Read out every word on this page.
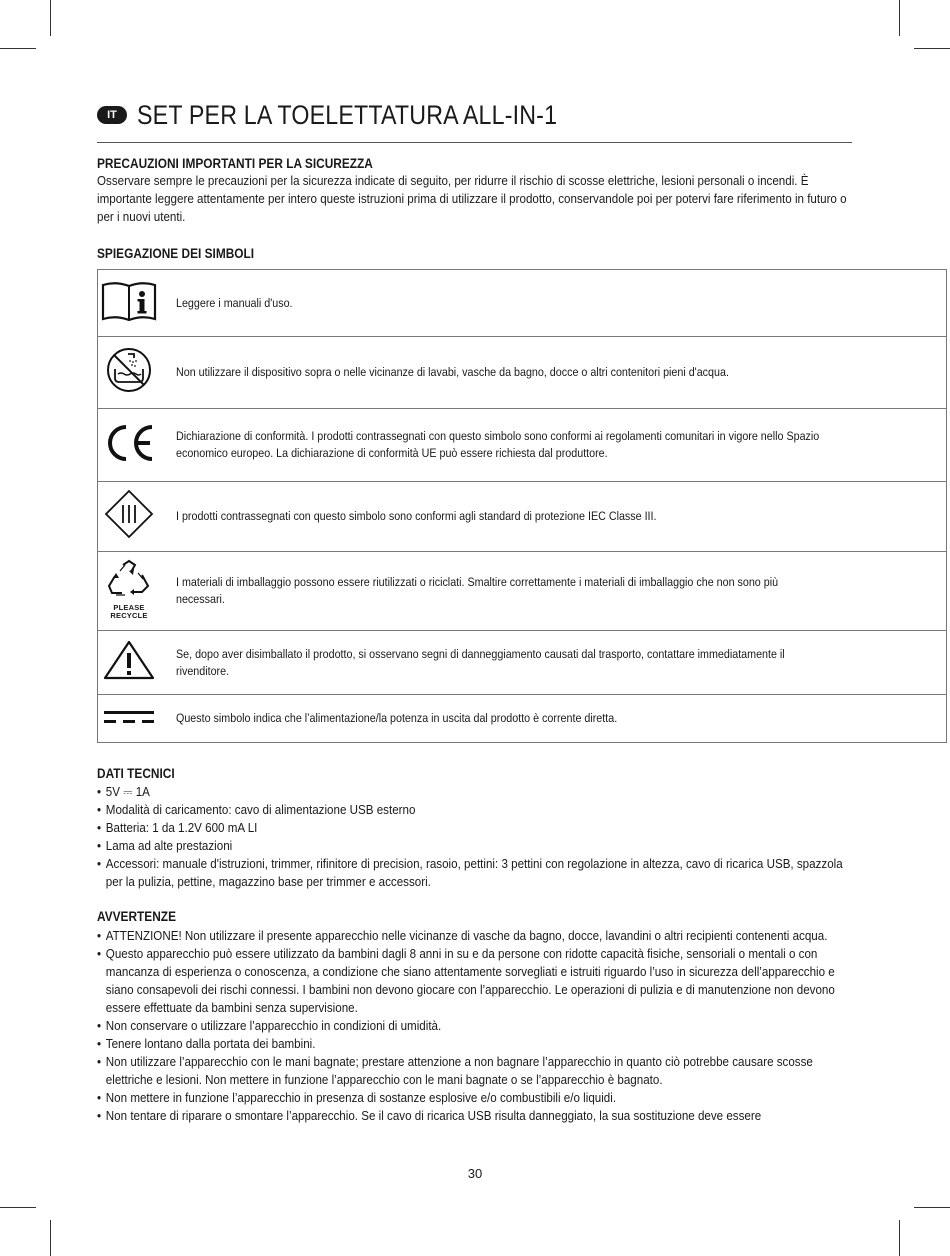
IT SET PER LA TOELETTATURA ALL-IN-1
PRECAUZIONI IMPORTANTI PER LA SICUREZZA
Osservare sempre le precauzioni per la sicurezza indicate di seguito, per ridurre il rischio di scosse elettriche, lesioni personali o incendi. È importante leggere attentamente per intero queste istruzioni prima di utilizzare il prodotto, conservandole poi per potervi fare riferimento in futuro o per i nuovi utenti.
SPIEGAZIONE DEI SIMBOLI

Leggere i manuali d'uso.

Non utilizzare il dispositivo sopra o nelle vicinanze di lavabi, vasche da bagno, docce o altri contenitori pieni d'acqua.

Dichiarazione di conformità. I prodotti contrassegnati con questo simbolo sono conformi ai regolamenti comunitari in vigore nello Spazio economico europeo. La dichiarazione di conformità UE può essere richiesta dal produttore.

I prodotti contrassegnati con questo simbolo sono conformi agli standard di protezione IEC Classe III.

PLEASE RECYCLE	I materiali di imballaggio possono essere riutilizzati o riciclati. Smaltire correttamente i materiali di imballaggio che non sono più necessari.

Se, dopo aver disimballato il prodotto, si osservano segni di danneggiamento causati dal trasporto, contattare immediatamente il rivenditore.

Questo simbolo indica che l’alimentazione/la potenza in uscita dal prodotto è corrente diretta.
DATI TECNICI
• 5V ⎓ 1A
• Modalità di caricamento: cavo di alimentazione USB esterno
• Batteria: 1 da 1.2V 600 mA LI
• Lama ad alte prestazioni
• Accessori: manuale d'istruzioni, trimmer, rifinitore di precision, rasoio, pettini: 3 pettini con regolazione in altezza, cavo di ricarica USB, spazzola per la pulizia, pettine, magazzino base per trimmer e accessori.
AVVERTENZE
• ATTENZIONE! Non utilizzare il presente apparecchio nelle vicinanze di vasche da bagno, docce, lavandini o altri recipienti contenenti acqua.
• Questo apparecchio può essere utilizzato da bambini dagli 8 anni in su e da persone con ridotte capacità fisiche, sensoriali o mentali o con mancanza di esperienza o conoscenza, a condizione che siano attentamente sorvegliati e istruiti riguardo l’uso in sicurezza dell’apparecchio e siano consapevoli dei rischi connessi. I bambini non devono giocare con l’apparecchio. Le operazioni di pulizia e di manutenzione non devono essere effettuate da bambini senza supervisione.
• Non conservare o utilizzare l’apparecchio in condizioni di umidità.
• Tenere lontano dalla portata dei bambini.
• Non utilizzare l’apparecchio con le mani bagnate; prestare attenzione a non bagnare l’apparecchio in quanto ciò potrebbe causare scosse elettriche e lesioni. Non mettere in funzione l’apparecchio con le mani bagnate o se l’apparecchio è bagnato.
• Non mettere in funzione l’apparecchio in presenza di sostanze esplosive e/o combustibili e/o liquidi.
• Non tentare di riparare o smontare l’apparecchio. Se il cavo di ricarica USB risulta danneggiato, la sua sostituzione deve essere
30
